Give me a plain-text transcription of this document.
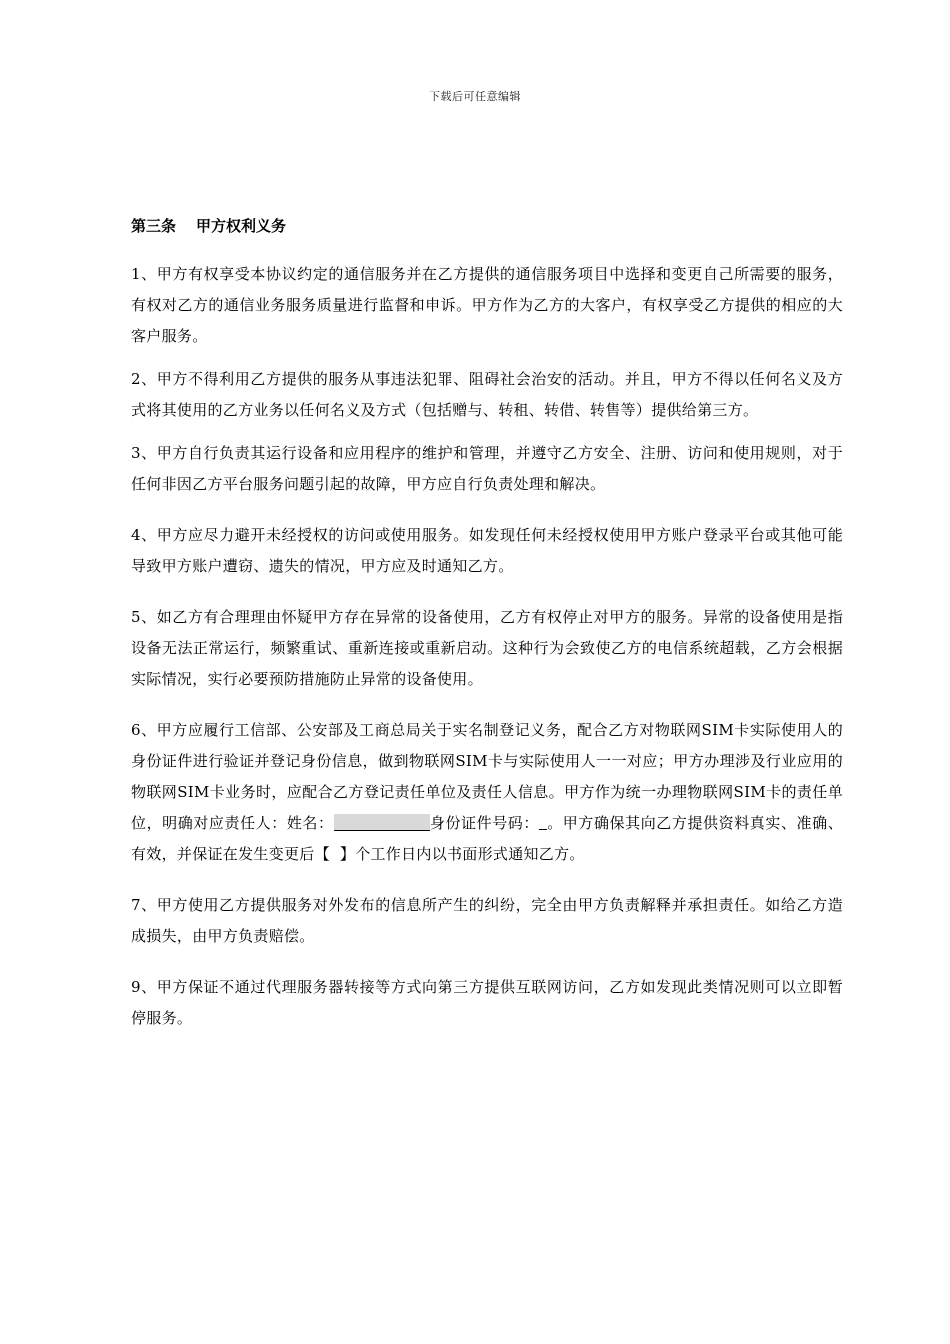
下载后可任意编辑
第三条 甲方权利义务

1、甲方有权享受本协议约定的通信服务并在乙方提供的通信服务项目中选择和变更自己所需要的服务，有权对乙方的通信业务服务质量进行监督和申诉。甲方作为乙方的大客户，有权享受乙方提供的相应的大客户服务。

2、甲方不得利用乙方提供的服务从事违法犯罪、阻碍社会治安的活动。并且，甲方不得以任何名义及方式将其使用的乙方业务以任何名义及方式（包括赠与、转租、转借、转售等）提供给第三方。

3、甲方自行负责其运行设备和应用程序的维护和管理，并遵守乙方安全、注册、访问和使用规则，对于任何非因乙方平台服务问题引起的故障，甲方应自行负责处理和解决。

4、甲方应尽力避开未经授权的访问或使用服务。如发现任何未经授权使用甲方账户登录平台或其他可能导致甲方账户遭窃、遗失的情况，甲方应及时通知乙方。

5、如乙方有合理理由怀疑甲方存在异常的设备使用，乙方有权停止对甲方的服务。异常的设备使用是指设备无法正常运行，频繁重试、重新连接或重新启动。这种行为会致使乙方的电信系统超载，乙方会根据实际情况，实行必要预防措施防止异常的设备使用。

6、甲方应履行工信部、公安部及工商总局关于实名制登记义务，配合乙方对物联网SIM卡实际使用人的身份证件进行验证并登记身份信息，做到物联网SIM卡与实际使用人一一对应；甲方办理涉及行业应用的物联网SIM卡业务时，应配合乙方登记责任单位及责任人信息。甲方作为统一办理物联网SIM卡的责任单位，明确对应责任人：姓名：	身份证件号码： 。甲方确保其向乙方提供资料真实、准确、有效，并保证在发生变更后【 】个工作日内以书面形式通知乙方。

7、甲方使用乙方提供服务对外发布的信息所产生的纠纷，完全由甲方负责解释并承担责任。如给乙方造成损失，由甲方负责赔偿。

9、甲方保证不通过代理服务器转接等方式向第三方提供互联网访问，乙方如发现此类情况则可以立即暂停服务。
